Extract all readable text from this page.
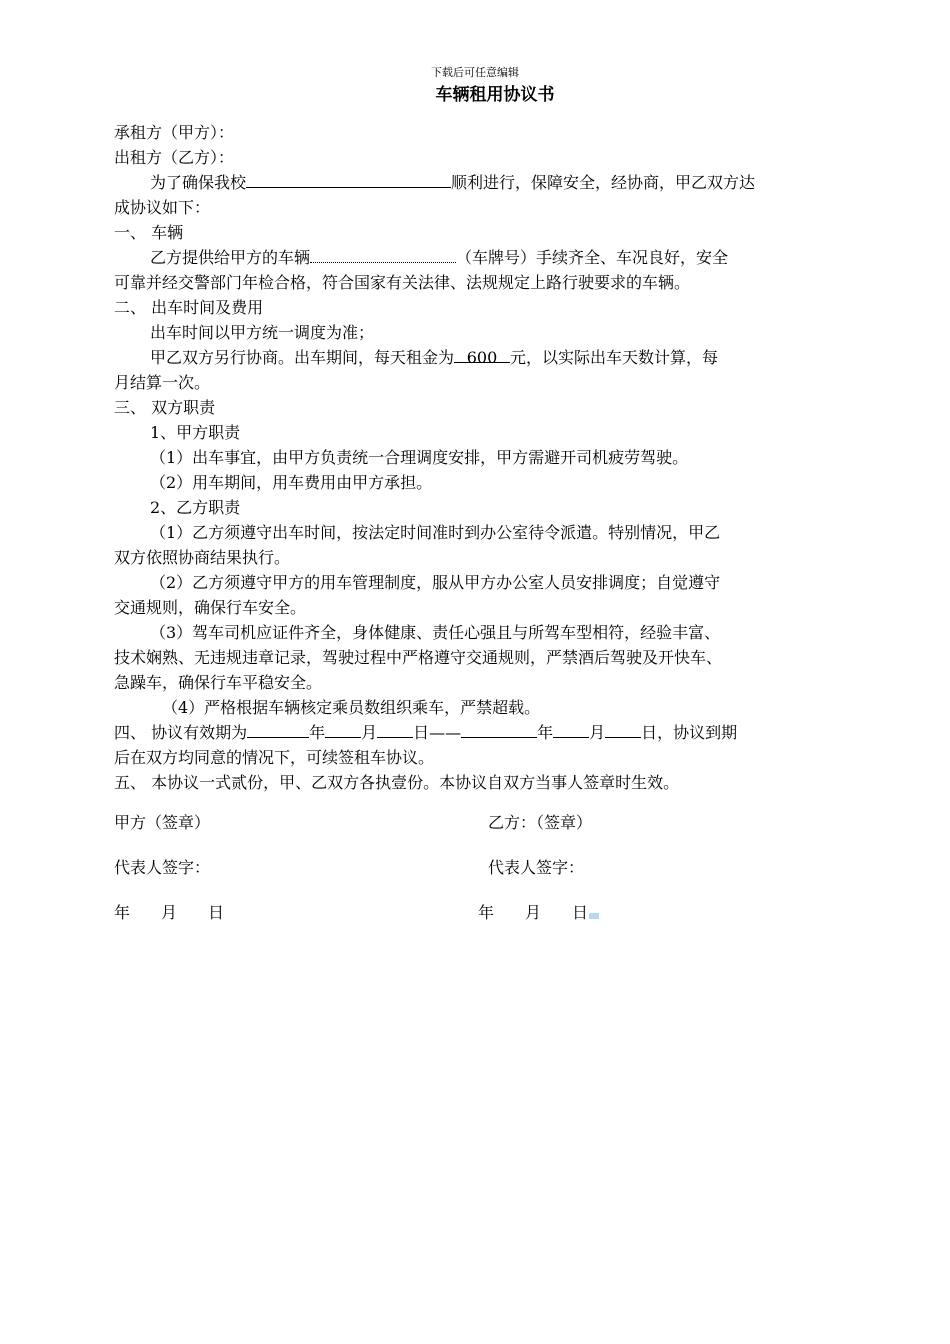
下载后可任意编辑
车辆租用协议书
承租方（甲方）：
出租方（乙方）：
为了确保我校	顺利进行，保障安全，经协商，甲乙双方达
成协议如下：
一、 车辆
乙方提供给甲方的车辆	（车牌号）手续齐全、车况良好，安全
可靠并经交警部门年检合格，符合国家有关法律、法规规定上路行驶要求的车辆。
二、 出车时间及费用
出车时间以甲方统一调度为准；
甲乙双方另行协商。出车期间，每天租金为 600 元，以实际出车天数计算，每
月结算一次。
三、 双方职责
1、甲方职责
（1）出车事宜，由甲方负责统一合理调度安排，甲方需避开司机疲劳驾驶。
（2）用车期间，用车费用由甲方承担。
2、乙方职责
（1）乙方须遵守出车时间，按法定时间准时到办公室待令派遣。特别情况，甲乙
双方依照协商结果执行。
（2）乙方须遵守甲方的用车管理制度，服从甲方办公室人员安排调度；自觉遵守
交通规则，确保行车安全。
（3）驾车司机应证件齐全，身体健康、责任心强且与所驾车型相符，经验丰富、
技术娴熟、无违规违章记录，驾驶过程中严格遵守交通规则，严禁酒后驾驶及开快车、
急躁车，确保行车平稳安全。
（4）严格根据车辆核定乘员数组织乘车，严禁超载。
四、 协议有效期为	年 月 日——	年 月 日，协议到期
后在双方均同意的情况下，可续签租车协议。
五、 本协议一式贰份，甲、乙双方各执壹份。本协议自双方当事人签章时生效。
甲方（签章）	乙方：（签章）
代表人签字：	代表人签字：
年 月 日	年 月 日
